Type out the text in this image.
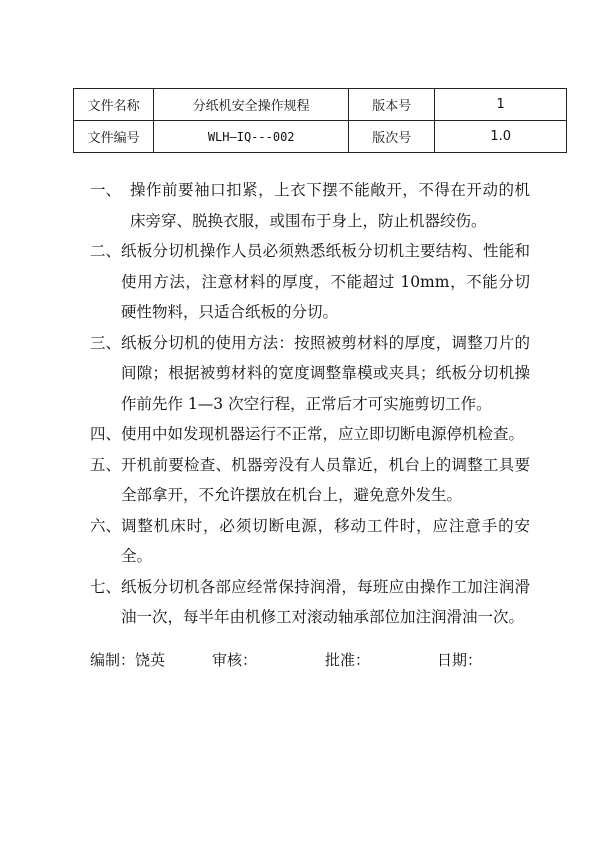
文件名称	分纸机安全操作规程	版本号	1
文件编号	WLH—IQ---002	版次号	1.0
一、 操作前要袖口扣紧，上衣下摆不能敞开，不得在开动的机床旁穿、脱换衣服，或围布于身上，防止机器绞伤。
二、 纸板分切机操作人员必须熟悉纸板分切机主要结构、性能和使用方法，注意材料的厚度，不能超过 10mm，不能分切硬性物料，只适合纸板的分切。
三、 纸板分切机的使用方法：按照被剪材料的厚度，调整刀片的间隙；根据被剪材料的宽度调整靠模或夹具；纸板分切机操作前先作 1—3 次空行程，正常后才可实施剪切工作。
四、 使用中如发现机器运行不正常，应立即切断电源停机检查。
五、 开机前要检查、机器旁没有人员靠近，机台上的调整工具要全部拿开，不允许摆放在机台上，避免意外发生。
六、 调整机床时，必须切断电源，移动工件时，应注意手的安全。
七、 纸板分切机各部应经常保持润滑，每班应由操作工加注润滑油一次，每半年由机修工对滚动轴承部位加注润滑油一次。
编制：饶英	审核：	批准：	日期：
